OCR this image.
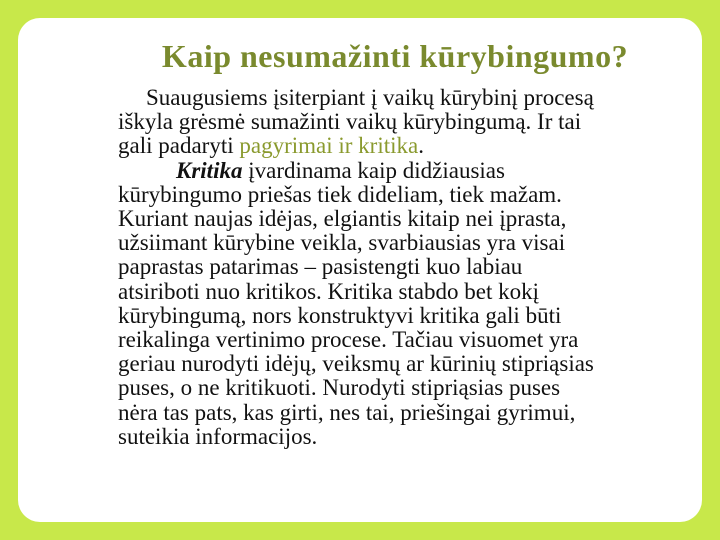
Kaip nesumažinti kūrybingumo?
Suaugusiems įsiterpiant į vaikų kūrybinį procesą
iškyla grėsmė sumažinti vaikų kūrybingumą. Ir tai
gali padaryti pagyrimai ir kritika.
Kritika įvardinama kaip didžiausias
kūrybingumo priešas tiek dideliam, tiek mažam.
Kuriant naujas idėjas, elgiantis kitaip nei įprasta,
užsiimant kūrybine veikla, svarbiausias yra visai
paprastas patarimas – pasistengti kuo labiau
atsiriboti nuo kritikos. Kritika stabdo bet kokį
kūrybingumą, nors konstruktyvi kritika gali būti
reikalinga vertinimo procese. Tačiau visuomet yra
geriau nurodyti idėjų, veiksmų ar kūrinių stipriąsias
puses, o ne kritikuoti. Nurodyti stipriąsias puses
nėra tas pats, kas girti, nes tai, priešingai gyrimui,
suteikia informacijos.
